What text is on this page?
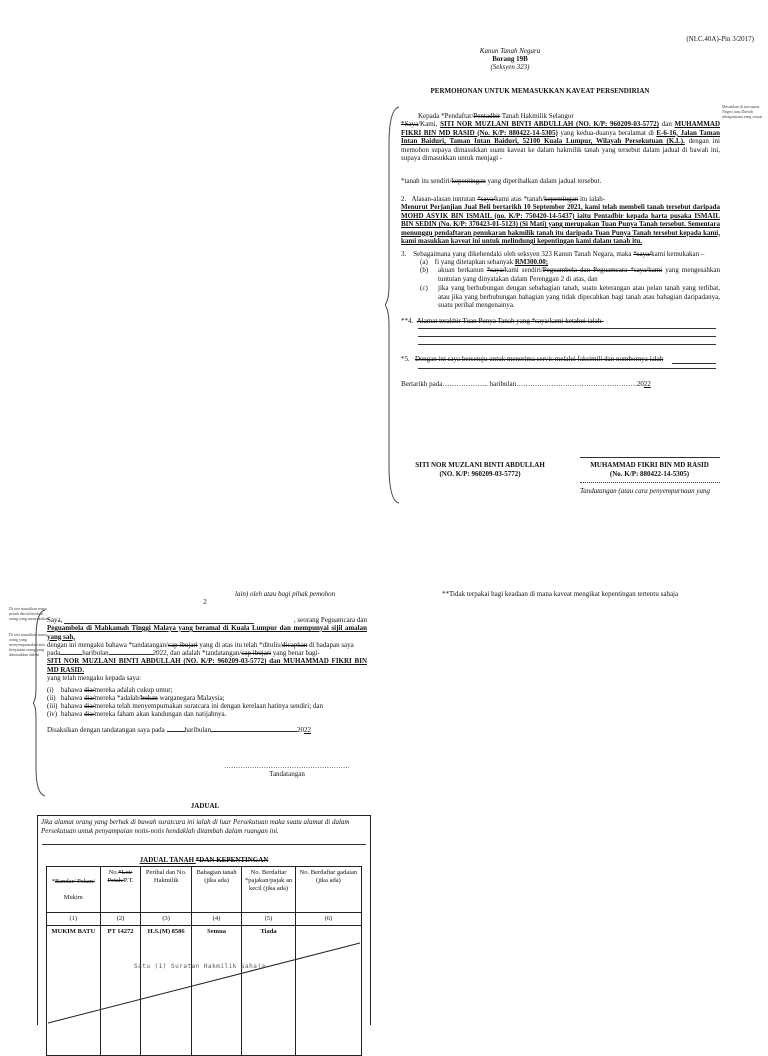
(NLC.40A)-Pin 3/2017)
Kanun Tanah Negara
Borang 19B
(Seksyen 323)
PERMOHONAN UNTUK MEMASUKKAN KAVEAT PERSENDIRIAN
Masukkan di sini nama Negeri atau Daerah sebagaimana yang sesuai
Kepada *Pendaftar/Pentadbir Tanah Hakmilik Selangor
*Saya/Kami, SITI NOR MUZLANI BINTI ABDULLAH (NO. K/P: 960209-03-5772) dan MUHAMMAD FIKRI BIN MD RASID (No. K/P: 880422-14-5305) yang kedua-duanya beralamat di E-6-16, Jalan Taman Intan Baiduri, Taman Intan Baiduri, 52100 Kuala Lumpur, Wilayah Persekutuan (K.L). dengan ini memohon supaya dimasukkan suatu kaveat ke dalam hakmilik tanah yang tersebut dalam jadual di bawah ini, supaya dimasukkan untuk menjagi -
*tanah itu sendiri/kepentingan yang diperihalkan dalam jadual tersebut.
2. Alasan-alasan tuntutan *saya/kami atas *tanah/kepentingan itu ialah-
Menurut Perjanjian Jual Beli bertarikh 10 September 2021, kami telah membeli tanah tersebut daripada MOHD ASYIK BIN ISMAIL (no. K/P: 750420-14-5437) iaitu Pentadbir kepada harta pusaka ISMAIL BIN SEDIN (No. K/P: 370423-01-5123) (Si Mati) yang merupakan Tuan Punya Tanah tersebut. Sementara menunggu pendaftaran penukaran hakmilik tanah itu daripada Tuan Punya Tanah tersebut kepada kami, kami masukkan kaveat ini untuk melindungi kepentingan kami dalam tanah itu.
3. Sebagaimana yang dikehendaki oleh seksyen 323 Kanun Tanah Negara, maka *saya/kami kemukakan –
(a) fi yang ditetapkan sebanyak RM300.00;
(b) akuan berkanun *saya/kami sendiri/Peguambela dan Peguamcara *saya/kami yang mengesahkan tuntutan yang dinyatakan dalam Perenggan 2 di atas, dan
(c) jika yang berhubungan dengan sebahagian tanah, suatu keterangan atau pelan tanah yang terlibat, atau jika yang berhubungan bahagian yang tidak dipecahkan bagi tanah atau bahagian daripadanya, suatu perihal mengenainya.
**4. Alamat terakhir Tuan Punya Tanah yang *saya/kami ketahui ialah-
*5. Dengan ini saya bersetuju untuk menerima servis melalui faksimili dan nombornya ialah
Bertarikh pada……………….. haribulan…………………………………………….2022
SITI NOR MUZLANI BINTI ABDULLAH
(NO. K/P: 960209-03-5772)
MUHAMMAD FIKRI BIN MD RASID
(No. K/P: 880422-14-5305)
Tandatangan (atau cara penyempurnaan yang
lain) oleh atau bagi pihak pemohon	**Tidak terpakai bagi keadaan di mana kaveat mengikat kepentingan tertentu sahaja
2
Di sini masukkan nama penuh dan kelayakan orang yang menyaksikan
Di sini masukkan nama orang yang menyempurnakan atau kenyataan orang yang dimasukkan dalam
Saya,	, seorang Peguamcara dan
Peguambela di Mahkamah Tinggi Malaya yang beramal di Kuala Lumpur dan mempunyai sijil amalan yang sah,
dengan ini mengaku bahawa *tandatangan/cap ibujari yang di atas itu telah *ditulis/dicapkan di hadapan saya
pada	haribulan	2022, dan adalah *tandatangan/cap ibujari yang benar bagi-
SITI NOR MUZLANI BINTI ABDULLAH (NO. K/P: 960209-03-5772) dan MUHAMMAD FIKRI BIN MD RASID.
yang telah mengaku kepada saya:
(i) bahawa dia/mereka adalah cukup umur;
(ii) bahawa dia/mereka *adalah/bukan warganegara Malaysia;
(iii) bahawa dia/mereka telah menyempurnakan suratcara ini dengan kerelaan hatinya sendiri; dan
(iv) bahawa dia/mereka faham akan kandungan dan natijahnya.
Disaksikan dengan tandatangan saya pada	haribulan	2022
………………………………………………
Tandatangan
JADUAL
Jika alamat orang yang berhak di bawah suratcara ini ialah di luar Persekutuan maka suatu alamat di dalam Persekutuan untuk penyampaian notis-notis hendaklah ditambah dalam ruangan ini.
JADUAL TANAH *DAN KEPENTINGAN
*Bandar/ Pekan/

Mukim	No.*Lot/ Petak/P.T.	Perihal dan No. Hakmilik	Bahagian tanah (jika ada)	No. Berdaftar *pajakan/pajak an kecil (jika ada)	No. Berdaftar gadaian (jika ada)
(1)	(2)	(3)	(4)	(5)	(6)
MUKIM BATU	PT 14272	H.S.(M) 8586	Semua	Tiada	
Satu (1) Suratan Hakmilik Sahaja
